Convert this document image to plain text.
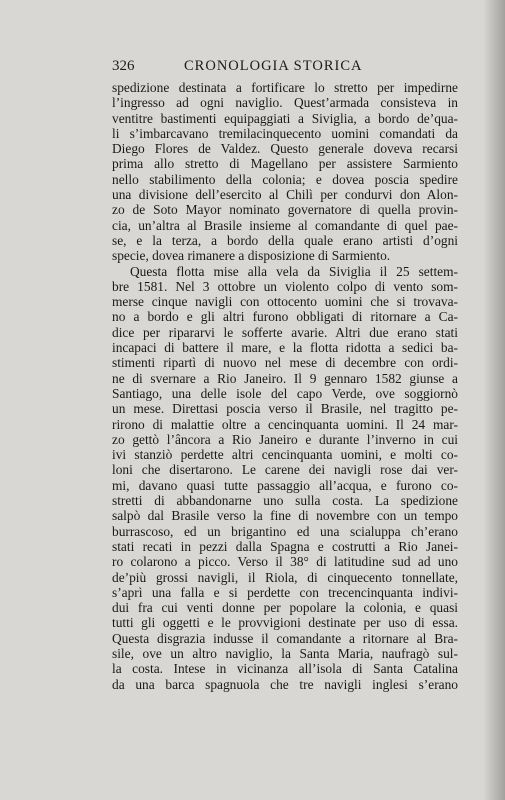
326	CRONOLOGIA STORICA
spedizione destinata a fortificare lo stretto per impedirne
l’ingresso ad ogni naviglio. Quest’armada consisteva in
ventitre bastimenti equipaggiati a Siviglia, a bordo de’qua-
li s’imbarcavano tremilacinquecento uomini comandati da
Diego Flores de Valdez. Questo generale doveva recarsi
prima allo stretto di Magellano per assistere Sarmiento
nello stabilimento della colonia; e dovea poscia spedire
una divisione dell’esercito al Chilì per condurvi don Alon-
zo de Soto Mayor nominato governatore di quella provin-
cia, un’altra al Brasile insieme al comandante di quel pae-
se, e la terza, a bordo della quale erano artisti d’ogni
specie, dovea rimanere a disposizione di Sarmiento.
Questa flotta mise alla vela da Siviglia il 25 settem-
bre 1581. Nel 3 ottobre un violento colpo di vento som-
merse cinque navigli con ottocento uomini che si trovava-
no a bordo e gli altri furono obbligati di ritornare a Ca-
dice per ripararvi le sofferte avarie. Altri due erano stati
incapaci di battere il mare, e la flotta ridotta a sedici ba-
stimenti ripartì di nuovo nel mese di decembre con ordi-
ne di svernare a Rio Janeiro. Il 9 gennaro 1582 giunse a
Santiago, una delle isole del capo Verde, ove soggiornò
un mese. Direttasi poscia verso il Brasile, nel tragitto pe-
rirono di malattie oltre a cencinquanta uomini. Il 24 mar-
zo gettò l’âncora a Rio Janeiro e durante l’inverno in cui
ivi stanziò perdette altri cencinquanta uomini, e molti co-
loni che disertarono. Le carene dei navigli rose dai ver-
mi, davano quasi tutte passaggio all’acqua, e furono co-
stretti di abbandonarne uno sulla costa. La spedizione
salpò dal Brasile verso la fine di novembre con un tempo
burrascoso, ed un brigantino ed una scialuppa ch’erano
stati recati in pezzi dalla Spagna e costrutti a Rio Janei-
ro colarono a picco. Verso il 38° di latitudine sud ad uno
de’più grossi navigli, il Riola, di cinquecento tonnellate,
s’aprì una falla e si perdette con trecencinquanta indivi-
dui fra cui venti donne per popolare la colonia, e quasi
tutti gli oggetti e le provvigioni destinate per uso di essa.
Questa disgrazia indusse il comandante a ritornare al Bra-
sile, ove un altro naviglio, la Santa Maria, naufragò sul-
la costa. Intese in vicinanza all’isola di Santa Catalina
da una barca spagnuola che tre navigli inglesi s’erano
